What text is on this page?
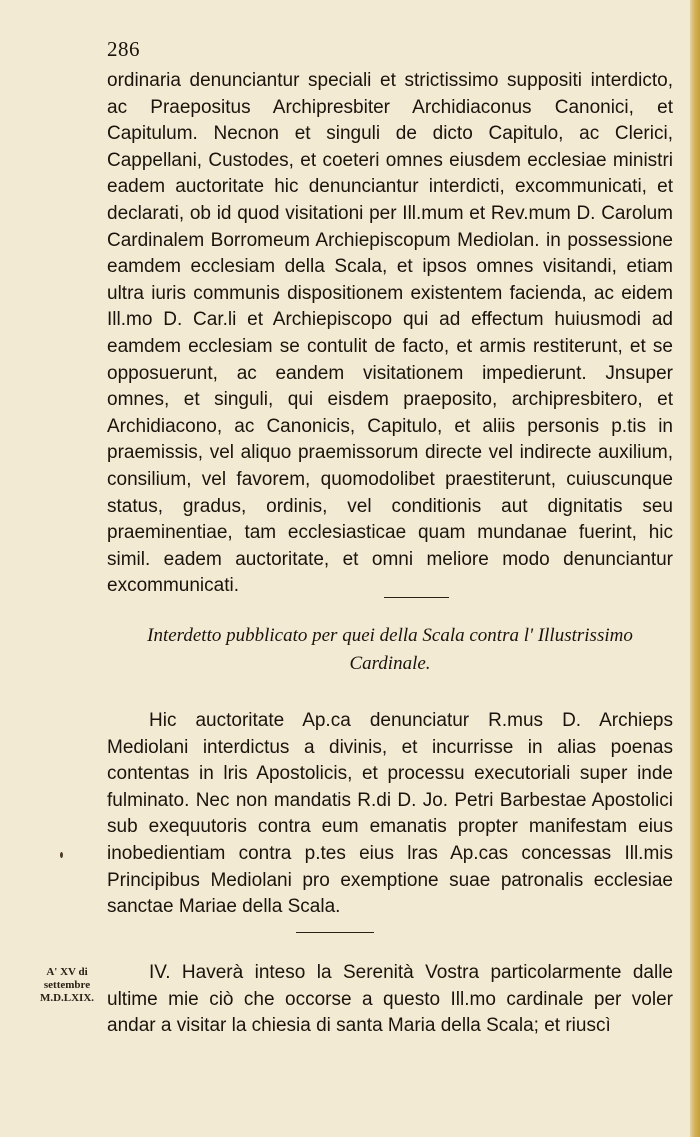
286

ordinaria denunciantur speciali et strictissimo suppositi interdicto, ac Praepositus Archipresbiter Archidiaconus Canonici, et Capitulum. Necnon et singuli de dicto Capitulo, ac Clerici, Cappellani, Custodes, et coeteri omnes eiusdem ecclesiae ministri eadem auctoritate hic denunciantur interdicti, excommunicati, et declarati, ob id quod visitationi per Ill.mum et Rev.mum D. Carolum Cardinalem Borromeum Archiepiscopum Mediolan. in possessione eamdem ecclesiam della Scala, et ipsos omnes visitandi, etiam ultra iuris communis dispositionem existentem facienda, ac eidem Ill.mo D. Car.li et Archiepiscopo qui ad effectum huiusmodi ad eamdem ecclesiam se contulit de facto, et armis restiterunt, et se opposuerunt, ac eandem visitationem impedierunt. Jnsuper omnes, et singuli, qui eisdem praeposito, archipresbitero, et Archidiacono, ac Canonicis, Capitulo, et aliis personis p.tis in praemissis, vel aliquo praemissorum directe vel indirecte auxilium, consilium, vel favorem, quomodolibet praestiterunt, cuiuscunque status, gradus, ordinis, vel conditionis aut dignitatis seu praeminentiae, tam ecclesiasticae quam mundanae fuerint, hic simil. eadem auctoritate, et omni meliore modo denunciantur excommunicati.

Interdetto pubblicato per quei della Scala contra l' Illustrissimo Cardinale.

Hic auctoritate Ap.ca denunciatur R.mus D. Archieps Mediolani interdictus a divinis, et incurrisse in alias poenas contentas in lris Apostolicis, et processu executoriali super inde fulminato. Nec non mandatis R.di D. Jo. Petri Barbestae Apostolici sub exequutoris contra eum emanatis propter manifestam eius inobedientiam contra p.tes eius lras Ap.cas concessas Ill.mis Principibus Mediolani pro exemptione suae patronalis ecclesiae sanctae Mariae della Scala.

A' XV di
settembre
M.D.LXIX.

IV. Haverà inteso la Serenità Vostra particolarmente dalle ultime mie ciò che occorse a questo Ill.mo cardinale per voler andar a visitar la chiesia di santa Maria della Scala; et riuscì
